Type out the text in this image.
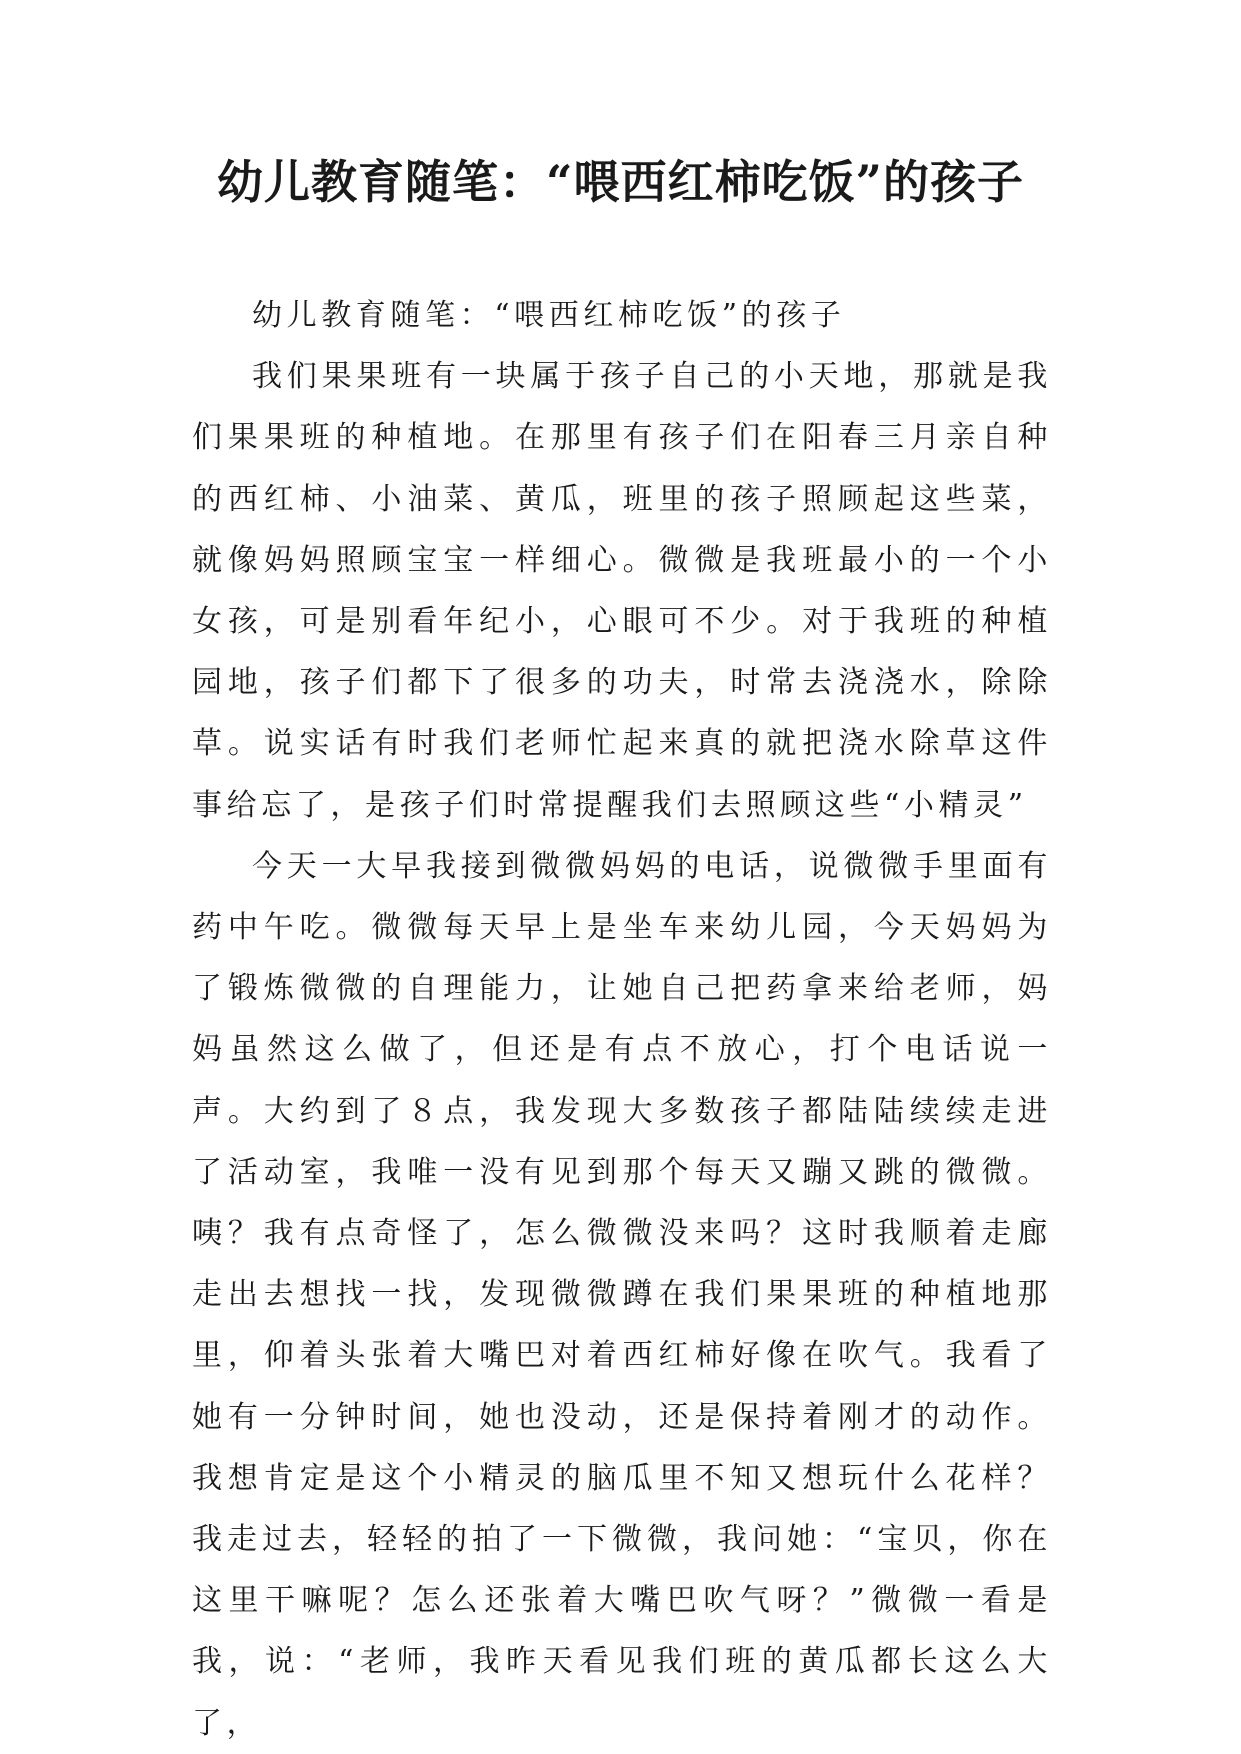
幼儿教育随笔：“喂西红柿吃饭”的孩子

幼儿教育随笔：“喂西红柿吃饭”的孩子

我们果果班有一块属于孩子自己的小天地，那就是我们果果班的种植地。在那里有孩子们在阳春三月亲自种的西红柿、小油菜、黄瓜，班里的孩子照顾起这些菜，就像妈妈照顾宝宝一样细心。微微是我班最小的一个小女孩，可是别看年纪小，心眼可不少。对于我班的种植园地，孩子们都下了很多的功夫，时常去浇浇水，除除草。说实话有时我们老师忙起来真的就把浇水除草这件事给忘了，是孩子们时常提醒我们去照顾这些“小精灵”

今天一大早我接到微微妈妈的电话，说微微手里面有药中午吃。微微每天早上是坐车来幼儿园，今天妈妈为了锻炼微微的自理能力，让她自己把药拿来给老师，妈妈虽然这么做了，但还是有点不放心，打个电话说一声。大约到了８点，我发现大多数孩子都陆陆续续走进了活动室，我唯一没有见到那个每天又蹦又跳的微微。咦？我有点奇怪了，怎么微微没来吗？这时我顺着走廊走出去想找一找，发现微微蹲在我们果果班的种植地那里，仰着头张着大嘴巴对着西红柿好像在吹气。我看了她有一分钟时间，她也没动，还是保持着刚才的动作。我想肯定是这个小精灵的脑瓜里不知又想玩什么花样？我走过去，轻轻的拍了一下微微，我问她：“宝贝，你在这里干嘛呢？怎么还张着大嘴巴吹气呀？”微微一看是我，说：“老师，我昨天看见我们班的黄瓜都长这么大了，
